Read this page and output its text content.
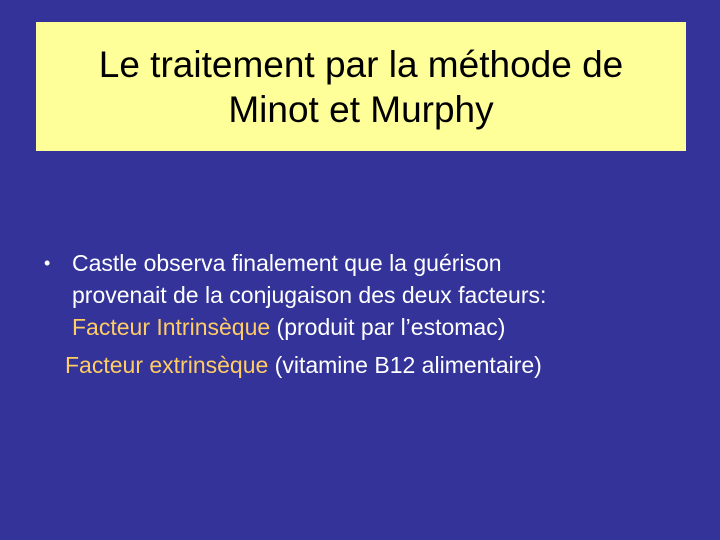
Le traitement par la méthode de
Minot et Murphy
• Castle observa finalement que la guérison
provenait de la conjugaison des deux facteurs:
Facteur Intrinsèque (produit par l’estomac)
Facteur extrinsèque (vitamine B12 alimentaire)
